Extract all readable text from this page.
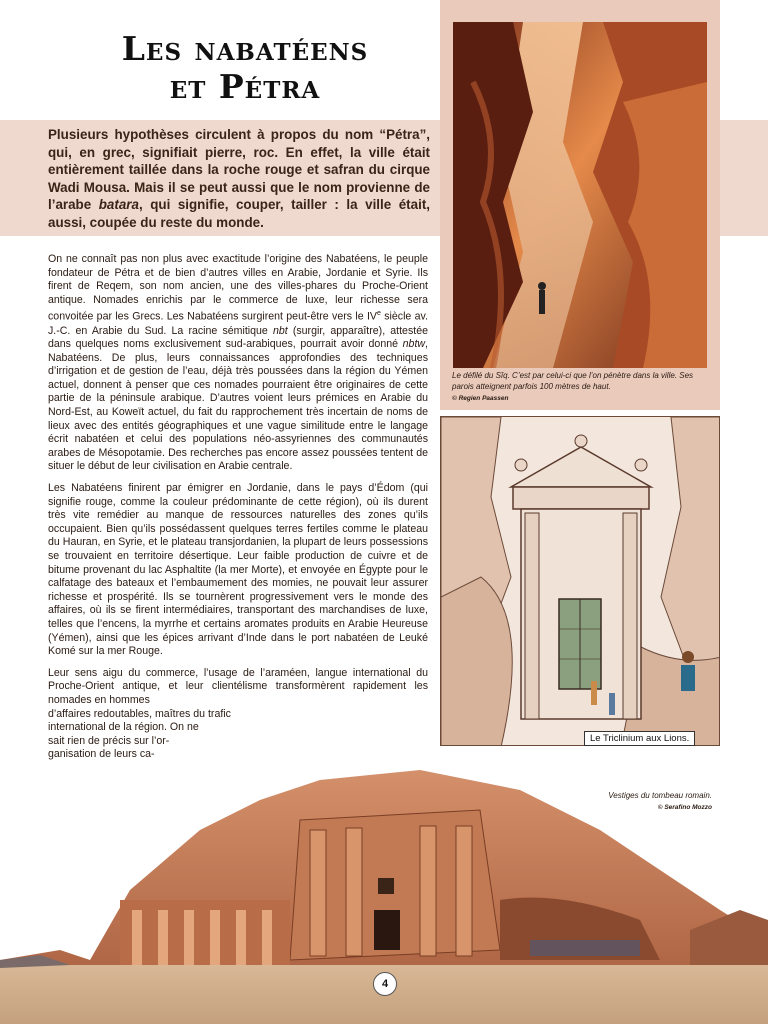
Les nabatéens
et Pétra
Plusieurs hypothèses circulent à propos du nom “Pétra”, qui, en grec, signifiait pierre, roc. En effet, la ville était entièrement taillée dans la roche rouge et safran du cirque Wadi Mousa. Mais il se peut aussi que le nom provienne de l’arabe batara, qui signifie, couper, tailler : la ville était, aussi, coupée du reste du monde.

On ne connaît pas non plus avec exactitude l’origine des Nabatéens, le peuple fondateur de Pétra et de bien d’autres villes en Arabie, Jordanie et Syrie. Ils firent de Reqem, son nom ancien, une des villes-phares du Proche-Orient antique. Nomades enrichis par le commerce de luxe, leur richesse sera convoitée par les Grecs. Les Nabatéens surgirent peut-être vers le IVe siècle av. J.-C. en Arabie du Sud. La racine sémitique nbt (surgir, apparaître), attestée dans quelques noms exclusivement sud-arabiques, pourrait avoir donné nbtw, Nabatéens. De plus, leurs connaissances approfondies des techniques d’irrigation et de gestion de l’eau, déjà très poussées dans la région du Yémen actuel, donnent à penser que ces nomades pourraient être originaires de cette partie de la péninsule arabique. D’autres voient leurs prémices en Arabie du Nord-Est, au Koweït actuel, du fait du rapprochement très incertain de noms de lieux avec des entités géographiques et une vague similitude entre le langage écrit nabatéen et celui des populations néo-assyriennes des communautés arabes de Mésopotamie. Des recherches pas encore assez poussées tentent de situer le début de leur civilisation en Arabie centrale.

Les Nabatéens finirent par émigrer en Jordanie, dans le pays d’Édom (qui signifie rouge, comme la couleur prédominante de cette région), où ils durent très vite remédier au manque de ressources naturelles des zones qu’ils occupaient. Bien qu’ils possédassent quelques terres fertiles comme le plateau du Hauran, en Syrie, et le plateau transjordanien, la plupart de leurs possessions se trouvaient en territoire désertique. Leur faible production de cuivre et de bitume provenant du lac Asphaltite (la mer Morte), et envoyée en Égypte pour le calfatage des bateaux et l’embaumement des momies, ne pouvait leur assurer richesse et prospérité. Ils se tournèrent progressivement vers le monde des affaires, où ils se firent intermédiaires, transportant des marchandises de luxe, telles que l’encens, la myrrhe et certains aromates produits en Arabie Heureuse (Yémen), ainsi que les épices arrivant d’Inde dans le port nabatéen de Leuké Komé sur la mer Rouge.

Leur sens aigu du commerce, l’usage de l’araméen, langue international du Proche-Orient antique, et leur clientélisme transformèrent rapidement les nomades en hommes
d’affaires redoutables, maîtres du trafic
international de la région. On ne
sait rien de précis sur l’or-
ganisation de leurs ca-

Le défilé du Sîq. C’est par celui-ci que l’on pénètre dans la ville. Ses parois atteignent parfois 100 mètres de haut.
© Regien Paassen
Le Triclinium aux Lions.
Vestiges du tombeau romain.
© Serafino Mozzo
4
